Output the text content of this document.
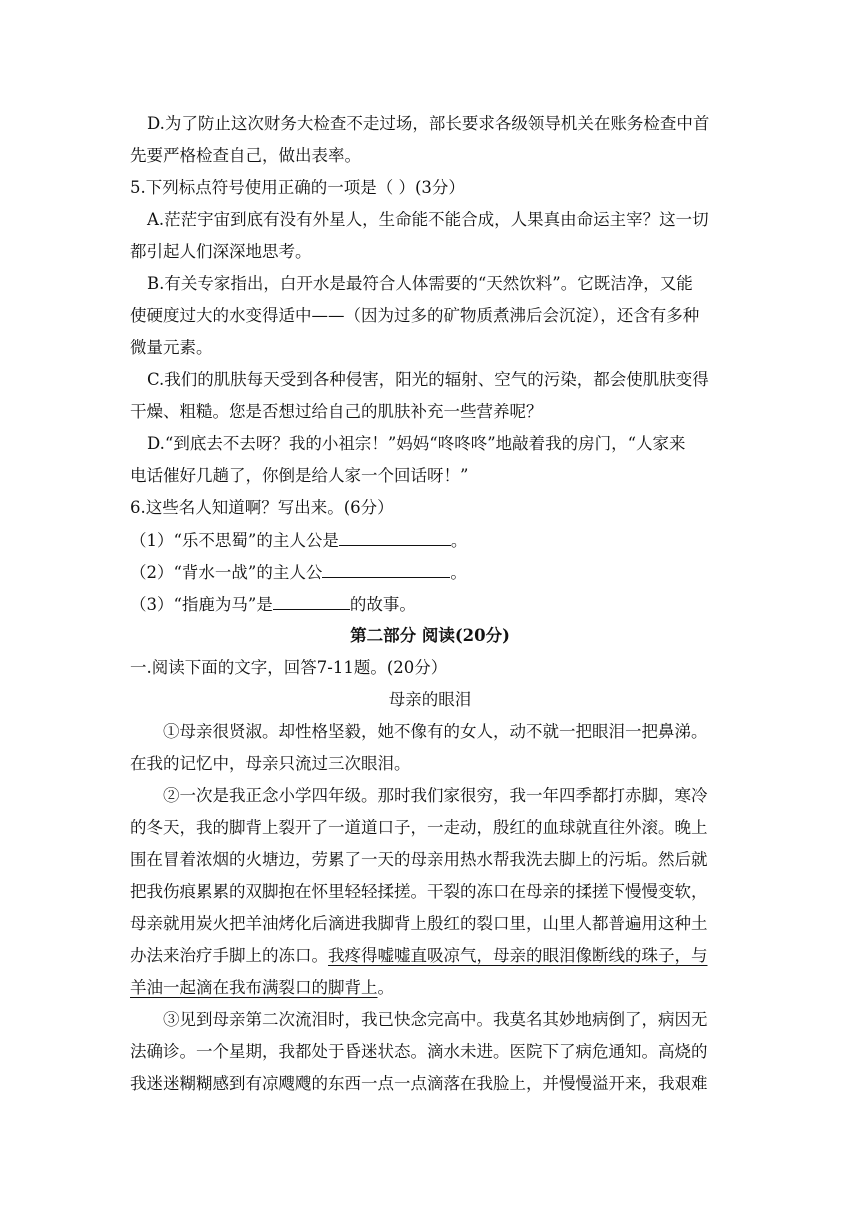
D.为了防止这次财务大检查不走过场，部长要求各级领导机关在账务检查中首
先要严格检查自己，做出表率。
5.下列标点符号使用正确的一项是（ ）(3分）
A.茫茫宇宙到底有没有外星人，生命能不能合成，人果真由命运主宰？这一切
都引起人们深深地思考。
B.有关专家指出，白开水是最符合人体需要的“天然饮料”。它既洁净，又能
使硬度过大的水变得适中——（因为过多的矿物质煮沸后会沉淀），还含有多种
微量元素。
C.我们的肌肤每天受到各种侵害，阳光的辐射、空气的污染，都会使肌肤变得
干燥、粗糙。您是否想过给自己的肌肤补充一些营养呢？
D.“到底去不去呀？我的小祖宗！”妈妈“咚咚咚”地敲着我的房门，“人家来
电话催好几趟了，你倒是给人家一个回话呀！”
6.这些名人知道啊？写出来。(6分）
（1）“乐不思蜀”的主人公是	。
（2）“背水一战”的主人公	。
（3）“指鹿为马”是	的故事。
第二部分 阅读(20分)
一.阅读下面的文字，回答7-11题。(20分）
母亲的眼泪
①母亲很贤淑。却性格坚毅，她不像有的女人，动不就一把眼泪一把鼻涕。
在我的记忆中，母亲只流过三次眼泪。
②一次是我正念小学四年级。那时我们家很穷，我一年四季都打赤脚，寒冷
的冬天，我的脚背上裂开了一道道口子，一走动，殷红的血球就直往外滚。晚上
围在冒着浓烟的火塘边，劳累了一天的母亲用热水帮我洗去脚上的污垢。然后就
把我伤痕累累的双脚抱在怀里轻轻揉搓。干裂的冻口在母亲的揉搓下慢慢变软，
母亲就用炭火把羊油烤化后滴进我脚背上殷红的裂口里，山里人都普遍用这种土
办法来治疗手脚上的冻口。我疼得嘘嘘直吸凉气，母亲的眼泪像断线的珠子，与
羊油一起滴在我布满裂口的脚背上。
③见到母亲第二次流泪时，我已快念完高中。我莫名其妙地病倒了，病因无
法确诊。一个星期，我都处于昏迷状态。滴水未进。医院下了病危通知。高烧的
我迷迷糊糊感到有凉飕飕的东西一点一点滴落在我脸上，并慢慢溢开来，我艰难
